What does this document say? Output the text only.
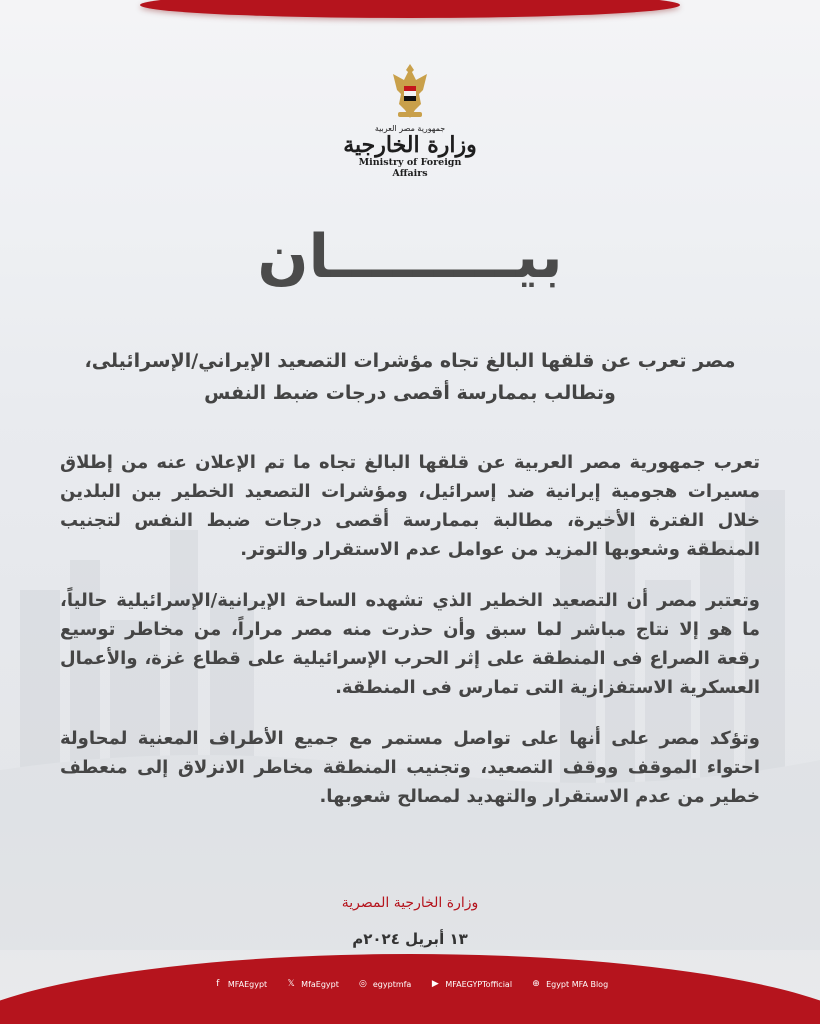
جمهورية مصر العربية
وزارة الخارجية
Ministry of Foreign Affairs
بيـــــــــان
مصر تعرب عن قلقها البالغ تجاه مؤشرات التصعيد الإيراني/الإسرائيلى، وتطالب بممارسة أقصى درجات ضبط النفس

تعرب جمهورية مصر العربية عن قلقها البالغ تجاه ما تم الإعلان عنه من إطلاق مسيرات هجومية إيرانية ضد إسرائيل، ومؤشرات التصعيد الخطير بين البلدين خلال الفترة الأخيرة، مطالبة بممارسة أقصى درجات ضبط النفس لتجنيب المنطقة وشعوبها المزيد من عوامل عدم الاستقرار والتوتر.

وتعتبر مصر أن التصعيد الخطير الذي تشهده الساحة الإيرانية/الإسرائيلية حالياً، ما هو إلا نتاج مباشر لما سبق وأن حذرت منه مصر مراراً، من مخاطر توسيع رقعة الصراع فى المنطقة على إثر الحرب الإسرائيلية على قطاع غزة، والأعمال العسكرية الاستفزازية التى تمارس فى المنطقة.

وتؤكد مصر على أنها على تواصل مستمر مع جميع الأطراف المعنية لمحاولة احتواء الموقف ووقف التصعيد، وتجنيب المنطقة مخاطر الانزلاق إلى منعطف خطير من عدم الاستقرار والتهديد لمصالح شعوبها.

وزارة الخارجية المصرية
١٣ أبريل ٢٠٢٤م
f	MFAEgypt 𝕏 MfaEgypt ◎ egyptmfa ▶ MFAEGYPTofficial ⊕ Egypt MFA Blog
